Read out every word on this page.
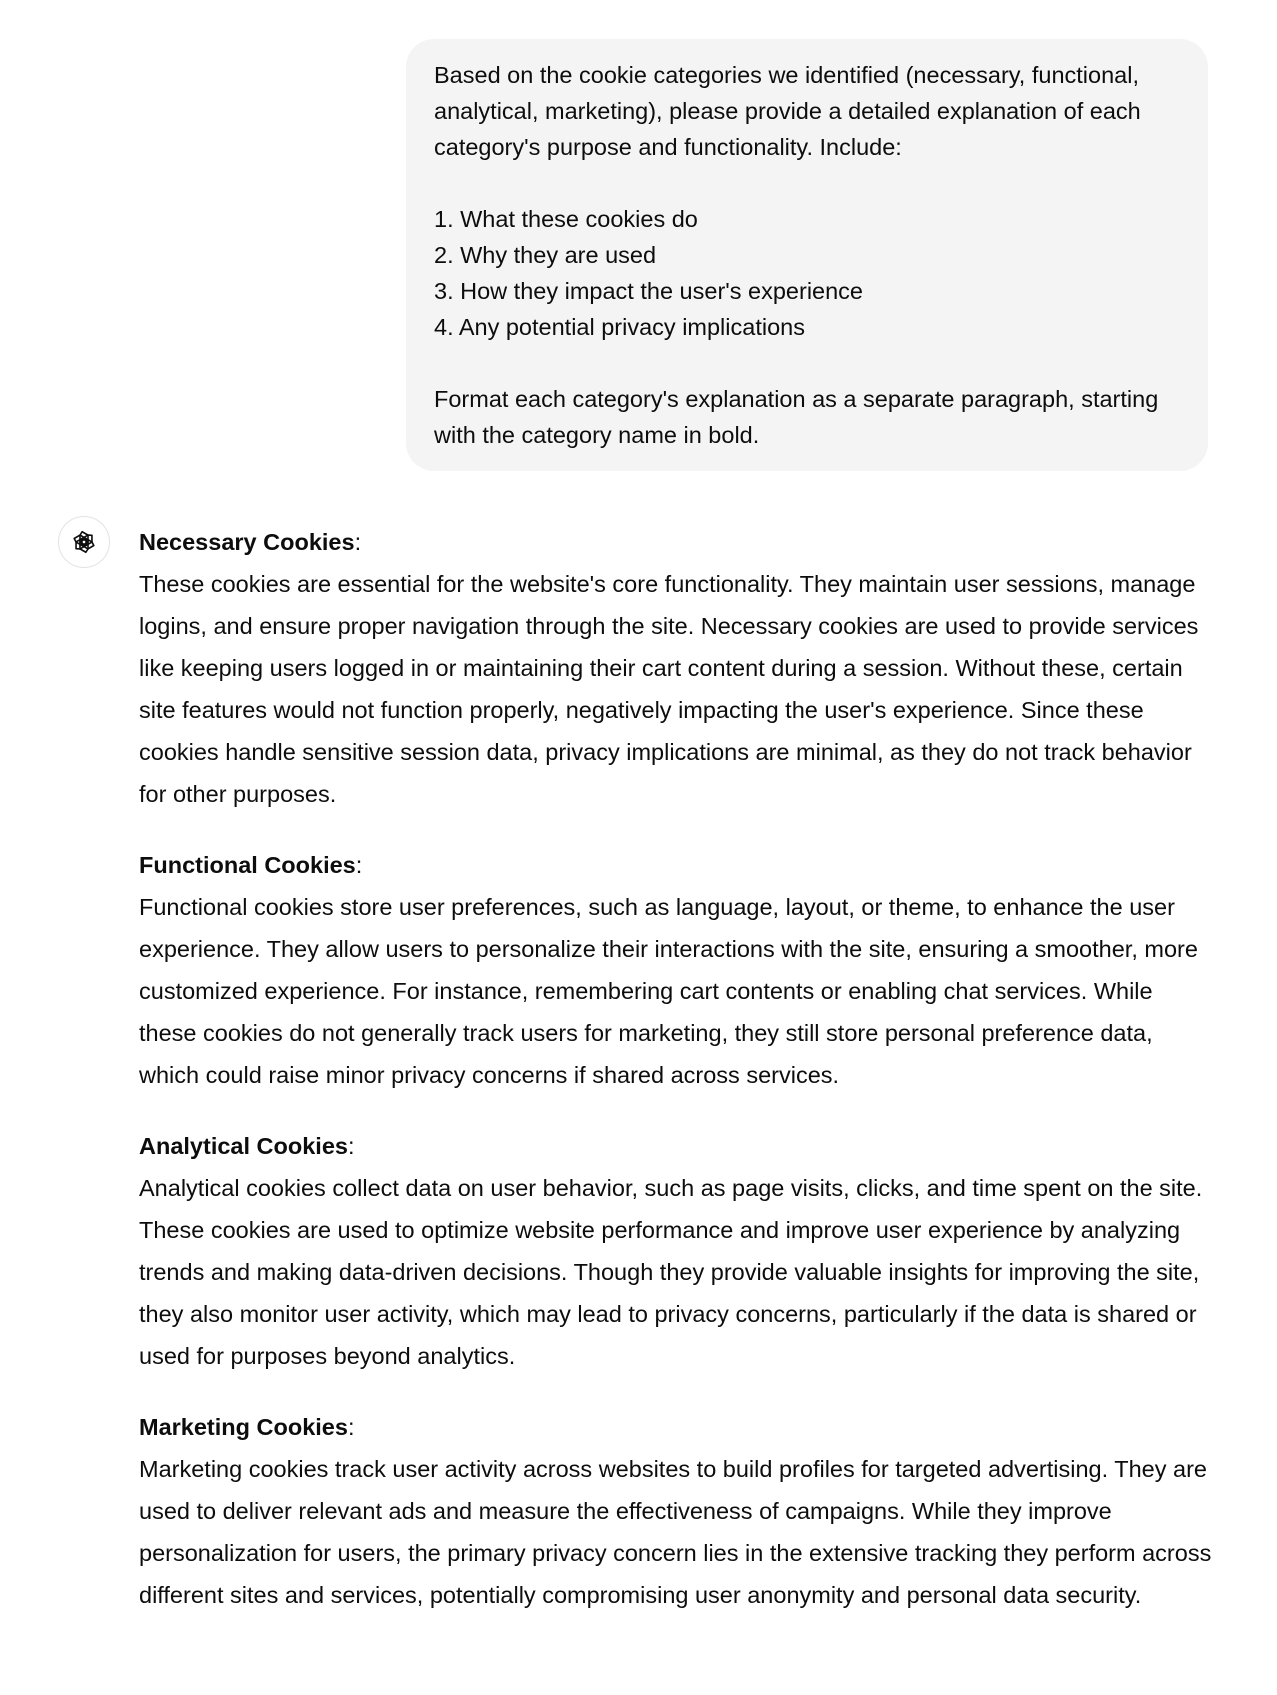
Based on the cookie categories we identified (necessary, functional, analytical, marketing), please provide a detailed explanation of each category's purpose and functionality. Include:

1. What these cookies do

2. Why they are used

3. How they impact the user's experience

4. Any potential privacy implications

Format each category's explanation as a separate paragraph, starting with the category name in bold.

Necessary Cookies:
These cookies are essential for the website's core functionality. They maintain user sessions, manage logins, and ensure proper navigation through the site. Necessary cookies are used to provide services like keeping users logged in or maintaining their cart content during a session. Without these, certain site features would not function properly, negatively impacting the user's experience. Since these cookies handle sensitive session data, privacy implications are minimal, as they do not track behavior for other purposes.
Functional Cookies:
Functional cookies store user preferences, such as language, layout, or theme, to enhance the user experience. They allow users to personalize their interactions with the site, ensuring a smoother, more customized experience. For instance, remembering cart contents or enabling chat services. While these cookies do not generally track users for marketing, they still store personal preference data, which could raise minor privacy concerns if shared across services.
Analytical Cookies:
Analytical cookies collect data on user behavior, such as page visits, clicks, and time spent on the site. These cookies are used to optimize website performance and improve user experience by analyzing trends and making data-driven decisions. Though they provide valuable insights for improving the site, they also monitor user activity, which may lead to privacy concerns, particularly if the data is shared or used for purposes beyond analytics.
Marketing Cookies:
Marketing cookies track user activity across websites to build profiles for targeted advertising. They are used to deliver relevant ads and measure the effectiveness of campaigns. While they improve personalization for users, the primary privacy concern lies in the extensive tracking they perform across different sites and services, potentially compromising user anonymity and personal data security.
